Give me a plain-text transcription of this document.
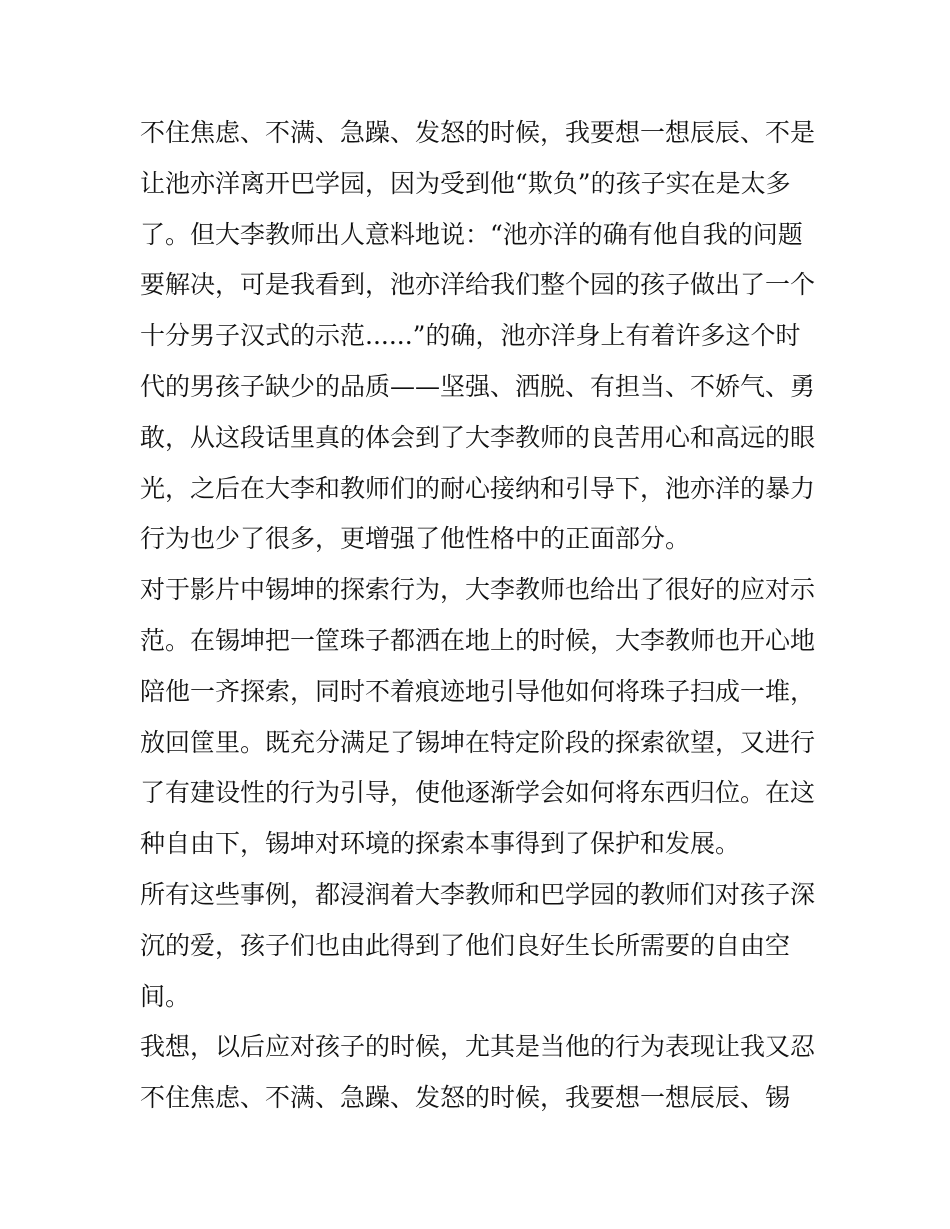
不住焦虑、不满、急躁、发怒的时候，我要想一想辰辰、不是
让池亦洋离开巴学园，因为受到他“欺负”的孩子实在是太多
了。但大李教师出人意料地说：“池亦洋的确有他自我的问题
要解决，可是我看到，池亦洋给我们整个园的孩子做出了一个
十分男子汉式的示范......”的确，池亦洋身上有着许多这个时
代的男孩子缺少的品质——坚强、洒脱、有担当、不娇气、勇
敢，从这段话里真的体会到了大李教师的良苦用心和高远的眼
光，之后在大李和教师们的耐心接纳和引导下，池亦洋的暴力
行为也少了很多，更增强了他性格中的正面部分。
对于影片中锡坤的探索行为，大李教师也给出了很好的应对示
范。在锡坤把一筐珠子都洒在地上的时候，大李教师也开心地
陪他一齐探索，同时不着痕迹地引导他如何将珠子扫成一堆，
放回筐里。既充分满足了锡坤在特定阶段的探索欲望，又进行
了有建设性的行为引导，使他逐渐学会如何将东西归位。在这
种自由下，锡坤对环境的探索本事得到了保护和发展。
所有这些事例，都浸润着大李教师和巴学园的教师们对孩子深
沉的爱，孩子们也由此得到了他们良好生长所需要的自由空
间。
我想，以后应对孩子的时候，尤其是当他的行为表现让我又忍
不住焦虑、不满、急躁、发怒的时候，我要想一想辰辰、锡
